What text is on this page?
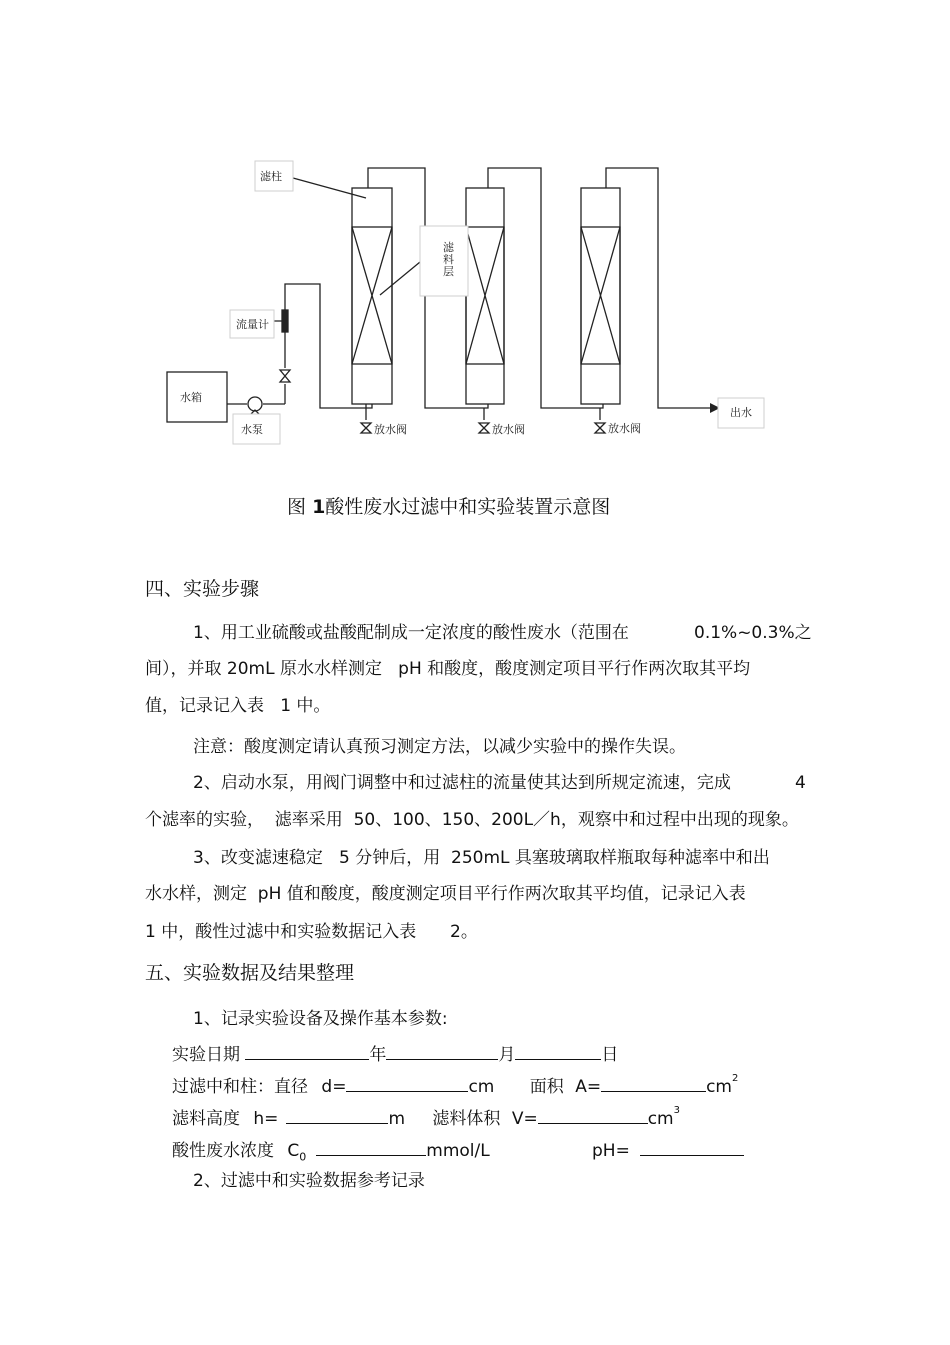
滤柱
滤
料
层
流量计
水箱
水泵	放水阀	放水阀	放水阀
出水
图 1酸性废水过滤中和实验装置示意图
四、实验步骤
1、用工业硫酸或盐酸配制成一定浓度的酸性废水（范围在	0.1%~0.3%之
间），并取 20mL 原水水样测定   pH 和酸度，酸度测定项目平行作两次取其平均
值，记录记入表   1 中。
注意：酸度测定请认真预习测定方法，以减少实验中的操作失误。
2、启动水泵，用阀门调整中和过滤柱的流量使其达到所规定流速，完成	4
个滤率的实验，  滤率采用  50、100、150、200L／h，观察中和过程中出现的现象。
3、改变滤速稳定   5 分钟后，用  250mL 具塞玻璃取样瓶取每种滤率中和出
水水样，测定  pH 值和酸度，酸度测定项目平行作两次取其平均值，记录记入表
1 中，酸性过滤中和实验数据记入表 2。
五、实验数据及结果整理
1、记录实验设备及操作基本参数:
实验日期	年	月	日
过滤中和柱：直径 d=	cm 面积 A=	$cm^2$
滤料高度 h=	m 滤料体积 V=	$cm^3$
酸性废水浓度 $C_0$	mmol/L	pH=
2、过滤中和实验数据参考记录
